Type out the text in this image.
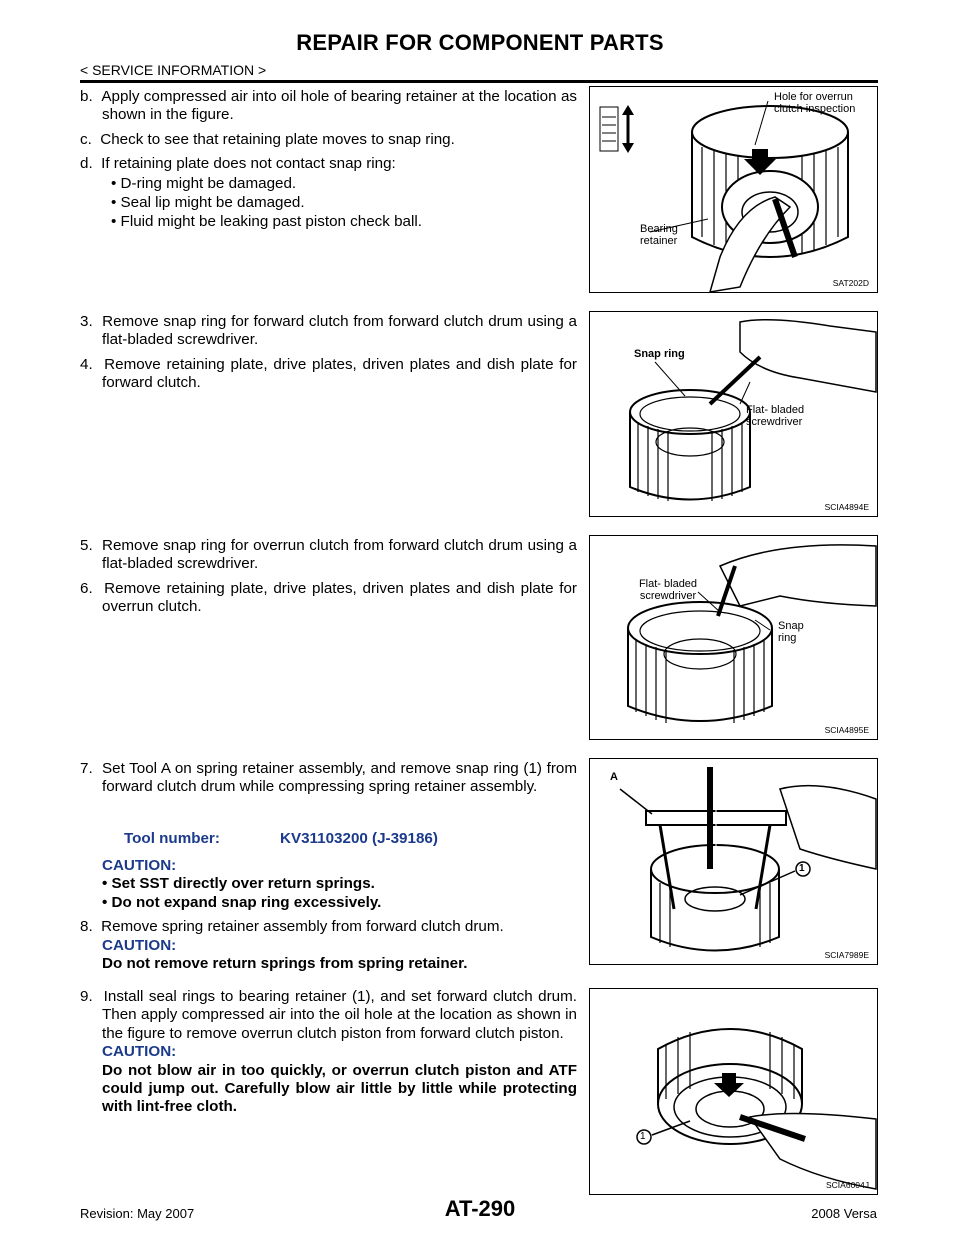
REPAIR FOR COMPONENT PARTS
< SERVICE INFORMATION >

b.  Apply compressed air into oil hole of bearing retainer at the location as shown in the figure.

c.  Check to see that retaining plate moves to snap ring.

d.  If retaining plate does not contact snap ring:

• D-ring might be damaged.
• Seal lip might be damaged.
• Fluid might be leaking past piston check ball.

3.  Remove snap ring for forward clutch from forward clutch drum using a flat-bladed screwdriver.

4.  Remove retaining plate, drive plates, driven plates and dish plate for forward clutch.

5.  Remove snap ring for overrun clutch from forward clutch drum using a flat-bladed screwdriver.

6.  Remove retaining plate, drive plates, driven plates and dish plate for overrun clutch.

7.  Set Tool A on spring retainer assembly, and remove snap ring (1) from forward clutch drum while compressing spring retainer assembly.

Tool number:	KV31103200 (J-39186)
CAUTION:
• Set SST directly over return springs.
• Do not expand snap ring excessively.
8.  Remove spring retainer assembly from forward clutch drum.
CAUTION:
Do not remove return springs from spring retainer.

9.  Install seal rings to bearing retainer (1), and set forward clutch drum. Then apply compressed air into the oil hole at the location as shown in the figure to remove overrun clutch piston from forward clutch piston.

CAUTION:
Do not blow air in too quickly, or overrun clutch piston and ATF could jump out. Carefully blow air little by little while protecting with lint-free cloth.
Hole for overrun clutch inspection
Bearing retainer
SAT202D
Snap ring
Flat- bladed screwdriver
SCIA4894E
Flat- bladed screwdriver
Snap ring
SCIA4895E
A
1
SCIA7989E
1
SCIA6004J
Revision: May 2007	AT-290	2008 Versa
